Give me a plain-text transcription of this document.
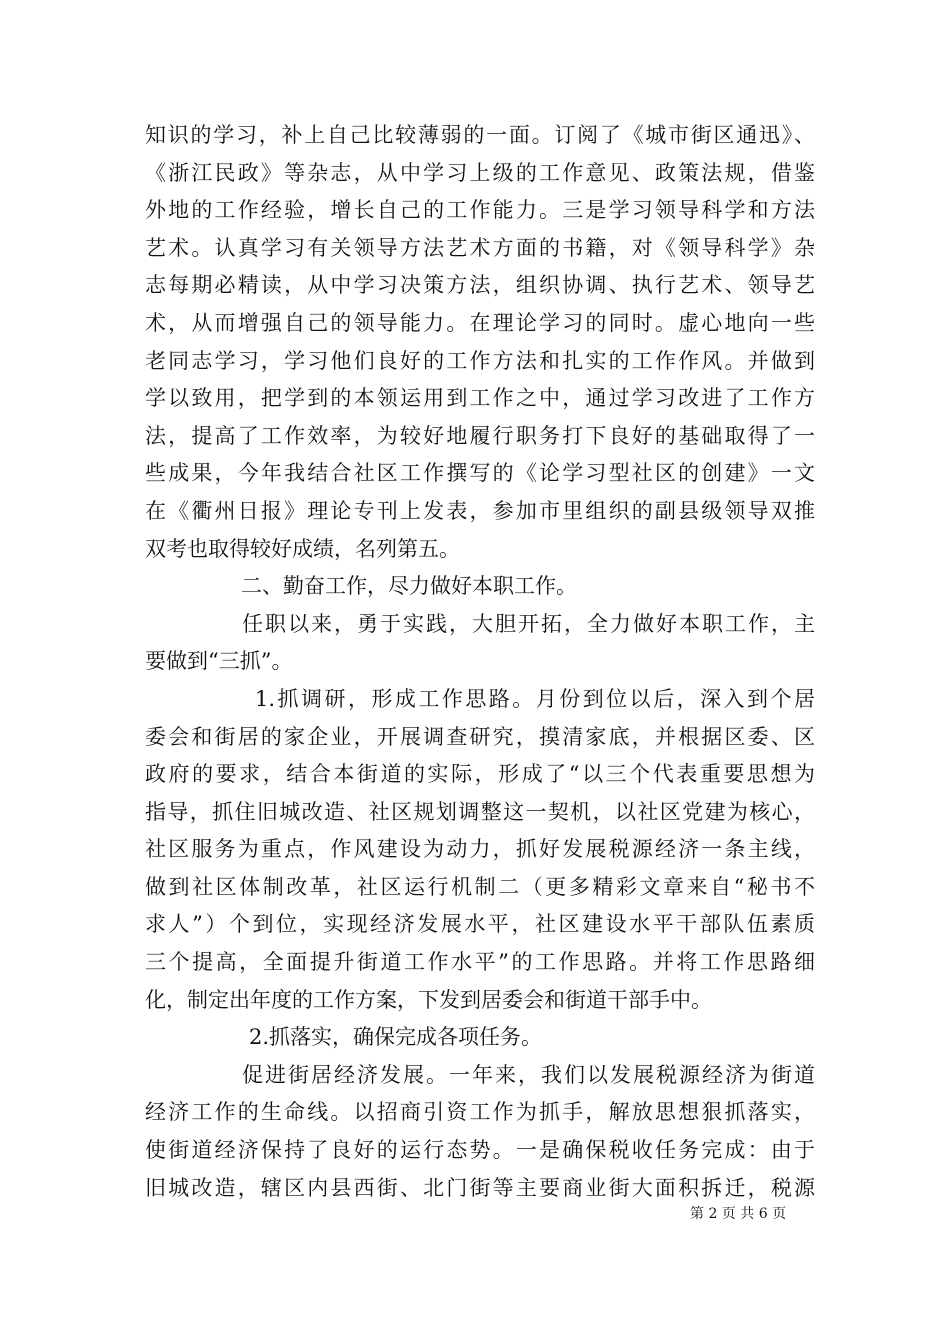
知识的学习，补上自己比较薄弱的一面。订阅了《城市街区通迅》、
《浙江民政》等杂志，从中学习上级的工作意见、政策法规，借鉴
外地的工作经验，增长自己的工作能力。三是学习领导科学和方法
艺术。认真学习有关领导方法艺术方面的书籍，对《领导科学》杂
志每期必精读，从中学习决策方法，组织协调、执行艺术、领导艺
术，从而增强自己的领导能力。在理论学习的同时。虚心地向一些
老同志学习，学习他们良好的工作方法和扎实的工作作风。并做到
学以致用，把学到的本领运用到工作之中，通过学习改进了工作方
法，提高了工作效率，为较好地履行职务打下良好的基础取得了一
些成果，今年我结合社区工作撰写的《论学习型社区的创建》一文
在《衢州日报》理论专刊上发表，参加市里组织的副县级领导双推
双考也取得较好成绩，名列第五。
二、勤奋工作，尽力做好本职工作。
任职以来，勇于实践，大胆开拓，全力做好本职工作，主
要做到“三抓”。
1.抓调研，形成工作思路。月份到位以后，深入到个居
委会和街居的家企业，开展调查研究，摸清家底，并根据区委、区
政府的要求，结合本街道的实际，形成了“以三个代表重要思想为
指导，抓住旧城改造、社区规划调整这一契机，以社区党建为核心，
社区服务为重点，作风建设为动力，抓好发展税源经济一条主线，
做到社区体制改革，社区运行机制二（更多精彩文章来自“秘书不
求人”）个到位，实现经济发展水平，社区建设水平干部队伍素质
三个提高，全面提升街道工作水平”的工作思路。并将工作思路细
化，制定出年度的工作方案，下发到居委会和街道干部手中。
2.抓落实，确保完成各项任务。
促进街居经济发展。一年来，我们以发展税源经济为街道
经济工作的生命线。以招商引资工作为抓手，解放思想狠抓落实，
使街道经济保持了良好的运行态势。一是确保税收任务完成：由于
旧城改造，辖区内县西街、北门街等主要商业街大面积拆迁，税源
第 2 页 共 6 页
